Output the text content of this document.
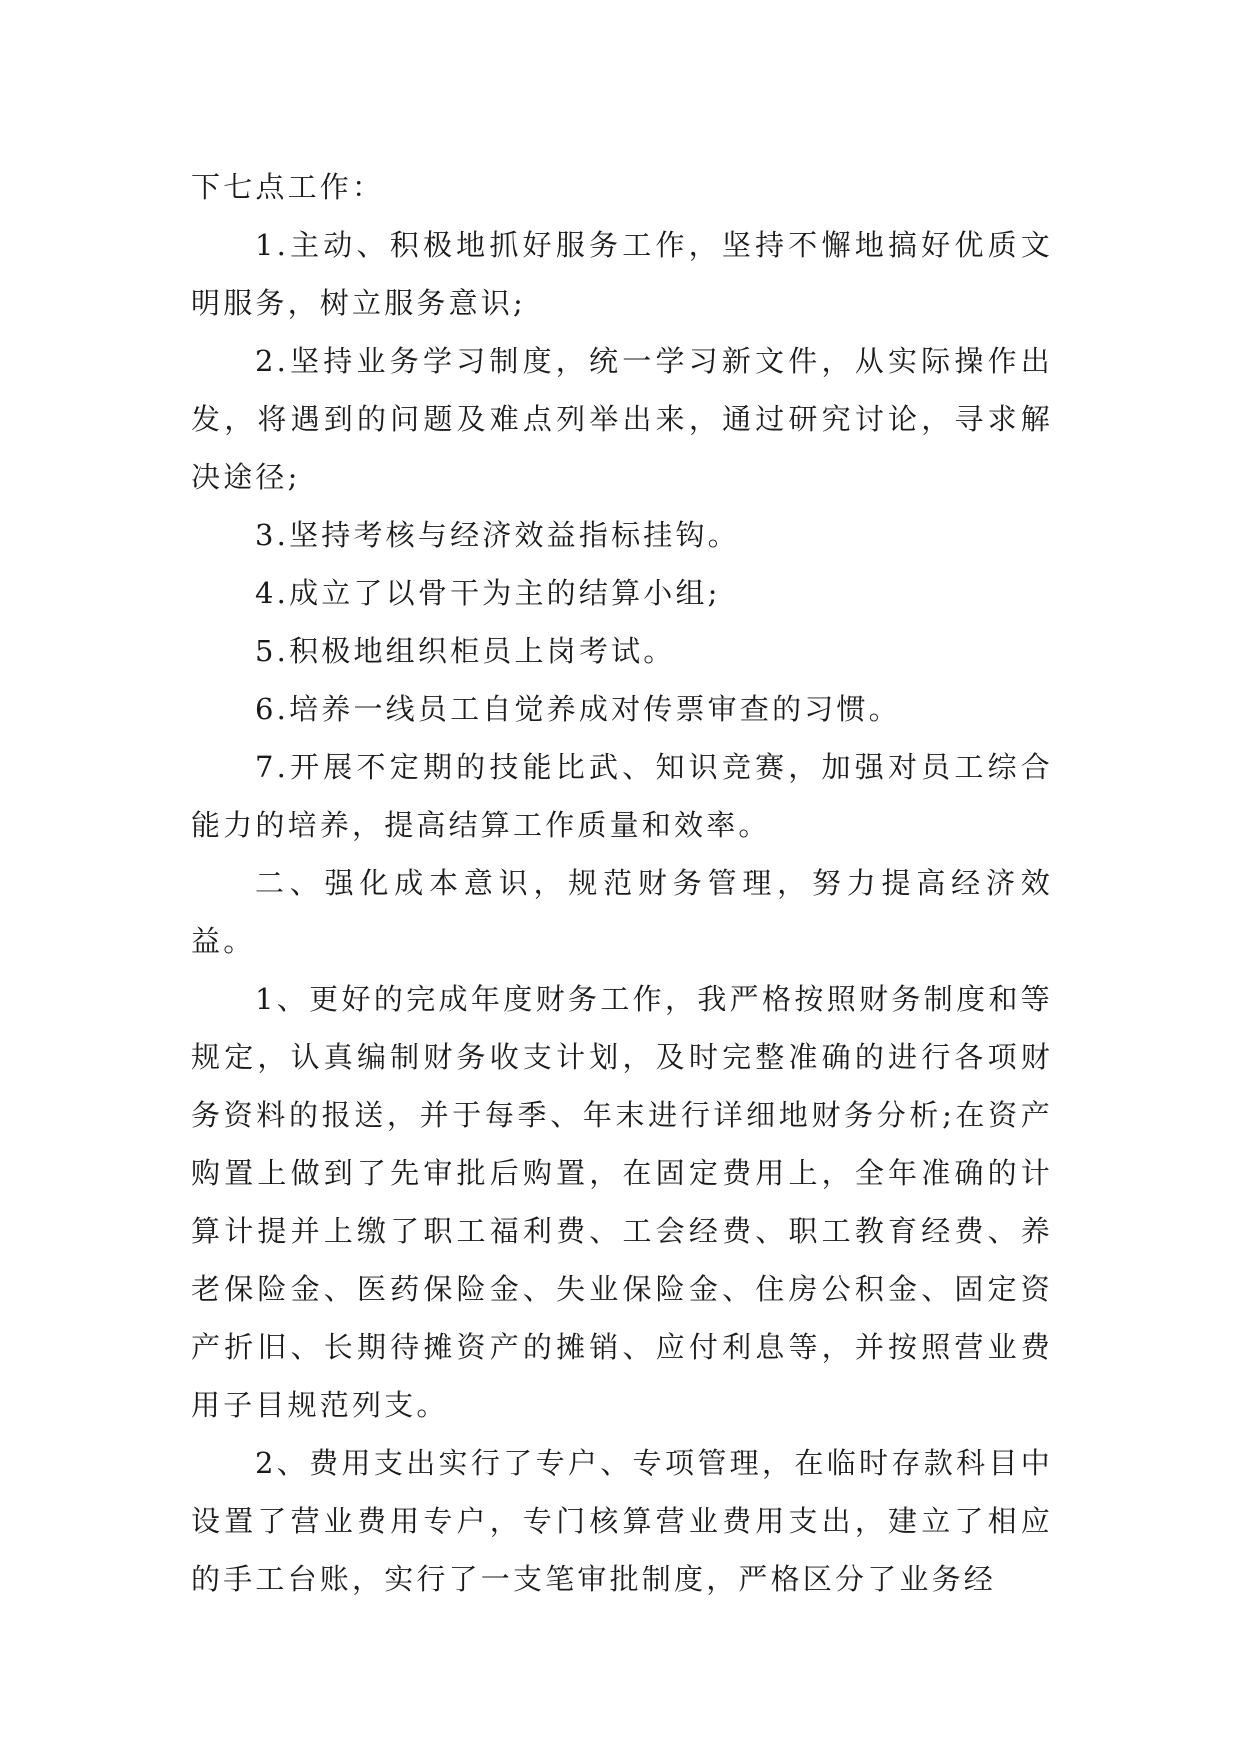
下七点工作：

1.主动、积极地抓好服务工作，坚持不懈地搞好优质文明服务，树立服务意识;

2.坚持业务学习制度，统一学习新文件，从实际操作出发，将遇到的问题及难点列举出来，通过研究讨论，寻求解决途径;

3.坚持考核与经济效益指标挂钩。

4.成立了以骨干为主的结算小组;

5.积极地组织柜员上岗考试。

6.培养一线员工自觉养成对传票审查的习惯。

7.开展不定期的技能比武、知识竞赛，加强对员工综合能力的培养，提高结算工作质量和效率。

二、强化成本意识，规范财务管理，努力提高经济效益。

1、更好的完成年度财务工作，我严格按照财务制度和等规定，认真编制财务收支计划，及时完整准确的进行各项财务资料的报送，并于每季、年末进行详细地财务分析;在资产购置上做到了先审批后购置，在固定费用上，全年准确的计算计提并上缴了职工福利费、工会经费、职工教育经费、养老保险金、医药保险金、失业保险金、住房公积金、固定资产折旧、长期待摊资产的摊销、应付利息等，并按照营业费用子目规范列支。

2、费用支出实行了专户、专项管理，在临时存款科目中设置了营业费用专户，专门核算营业费用支出，建立了相应的手工台账，实行了一支笔审批制度，严格区分了业务经
